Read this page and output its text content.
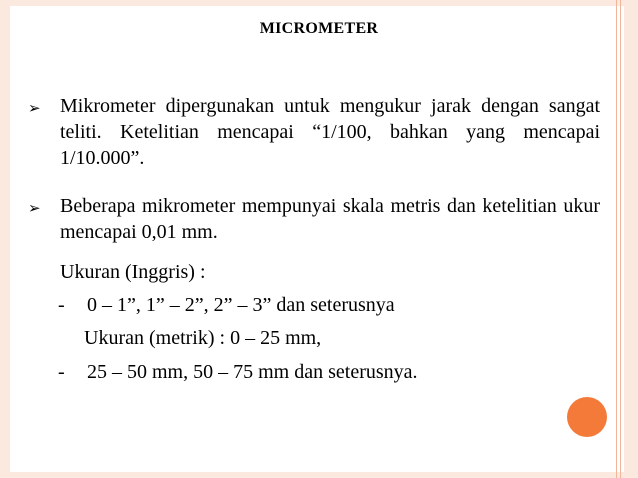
MICROMETER
➢ Mikrometer dipergunakan untuk mengukur jarak dengan sangat teliti. Ketelitian mencapai “1/100, bahkan yang mencapai 1/10.000”.
➢ Beberapa mikrometer mempunyai skala metris dan ketelitian ukur mencapai 0,01 mm.
Ukuran (Inggris) :
- 0 – 1”, 1” – 2”, 2” – 3” dan seterusnya
Ukuran (metrik) : 0 – 25 mm,
- 25 – 50 mm, 50 – 75 mm dan seterusnya.
